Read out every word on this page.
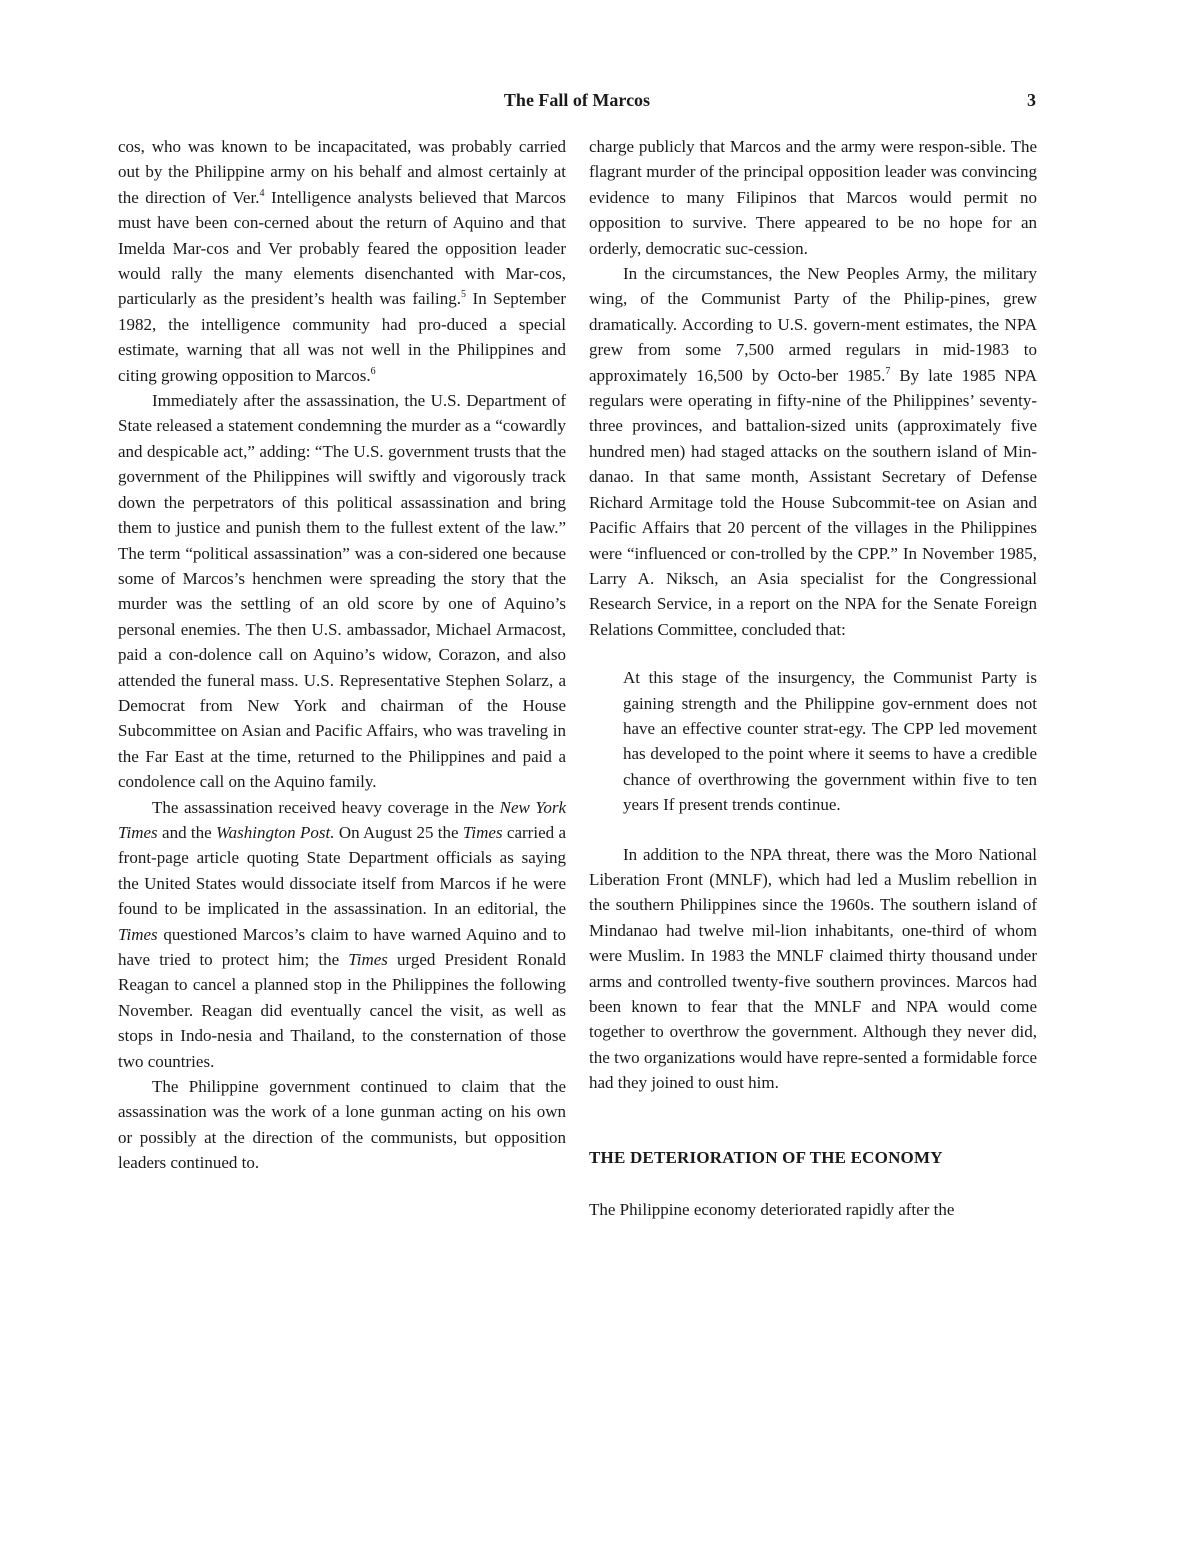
The Fall of Marcos	3

cos, who was known to be incapacitated, was probably carried out by the Philippine army on his behalf and almost certainly at the direction of Ver.$^4$ Intelligence analysts believed that Marcos must have been con-cerned about the return of Aquino and that Imelda Mar-cos and Ver probably feared the opposition leader would rally the many elements disenchanted with Mar-cos, particularly as the president’s health was failing.$^5$ In September 1982, the intelligence community had pro-duced a special estimate, warning that all was not well in the Philippines and citing growing opposition to Marcos.$^6$

Immediately after the assassination, the U.S. Department of State released a statement condemning the murder as a “cowardly and despicable act,” adding: “The U.S. government trusts that the government of the Philippines will swiftly and vigorously track down the perpetrators of this political assassination and bring them to justice and punish them to the fullest extent of the law.” The term “political assassination” was a con-sidered one because some of Marcos’s henchmen were spreading the story that the murder was the settling of an old score by one of Aquino’s personal enemies. The then U.S. ambassador, Michael Armacost, paid a con-dolence call on Aquino’s widow, Corazon, and also attended the funeral mass. U.S. Representative Stephen Solarz, a Democrat from New York and chairman of the House Subcommittee on Asian and Pacific Affairs, who was traveling in the Far East at the time, returned to the Philippines and paid a condolence call on the Aquino family.

The assassination received heavy coverage in the New York Times and the Washington Post. On August 25 the Times carried a front-page article quoting State Department officials as saying the United States would dissociate itself from Marcos if he were found to be implicated in the assassination. In an editorial, the Times questioned Marcos’s claim to have warned Aquino and to have tried to protect him; the Times urged President Ronald Reagan to cancel a planned stop in the Philippines the following November. Reagan did eventually cancel the visit, as well as stops in Indo-nesia and Thailand, to the consternation of those two countries.

The Philippine government continued to claim that the assassination was the work of a lone gunman acting on his own or possibly at the direction of the communists, but opposition leaders continued to.

charge publicly that Marcos and the army were respon-sible. The flagrant murder of the principal opposition leader was convincing evidence to many Filipinos that Marcos would permit no opposition to survive. There appeared to be no hope for an orderly, democratic suc-cession.

In the circumstances, the New Peoples Army, the military wing, of the Communist Party of the Philip-pines, grew dramatically. According to U.S. govern-ment estimates, the NPA grew from some 7,500 armed regulars in mid-1983 to approximately 16,500 by Octo-ber 1985.$^7$ By late 1985 NPA regulars were operating in fifty-nine of the Philippines’ seventy-three provinces, and battalion-sized units (approximately five hundred men) had staged attacks on the southern island of Min-danao. In that same month, Assistant Secretary of Defense Richard Armitage told the House Subcommit-tee on Asian and Pacific Affairs that 20 percent of the villages in the Philippines were “influenced or con-trolled by the CPP.” In November 1985, Larry A. Niksch, an Asia specialist for the Congressional Research Service, in a report on the NPA for the Senate Foreign Relations Committee, concluded that:

At this stage of the insurgency, the Communist Party is gaining strength and the Philippine gov-ernment does not have an effective counter strat-egy. The CPP led movement has developed to the point where it seems to have a credible chance of overthrowing the government within five to ten years If present trends continue.

In addition to the NPA threat, there was the Moro National Liberation Front (MNLF), which had led a Muslim rebellion in the southern Philippines since the 1960s. The southern island of Mindanao had twelve mil-lion inhabitants, one-third of whom were Muslim. In 1983 the MNLF claimed thirty thousand under arms and controlled twenty-five southern provinces. Marcos had been known to fear that the MNLF and NPA would come together to overthrow the government. Although they never did, the two organizations would have repre-sented a formidable force had they joined to oust him.

THE DETERIORATION OF THE ECONOMY

The Philippine economy deteriorated rapidly after the
